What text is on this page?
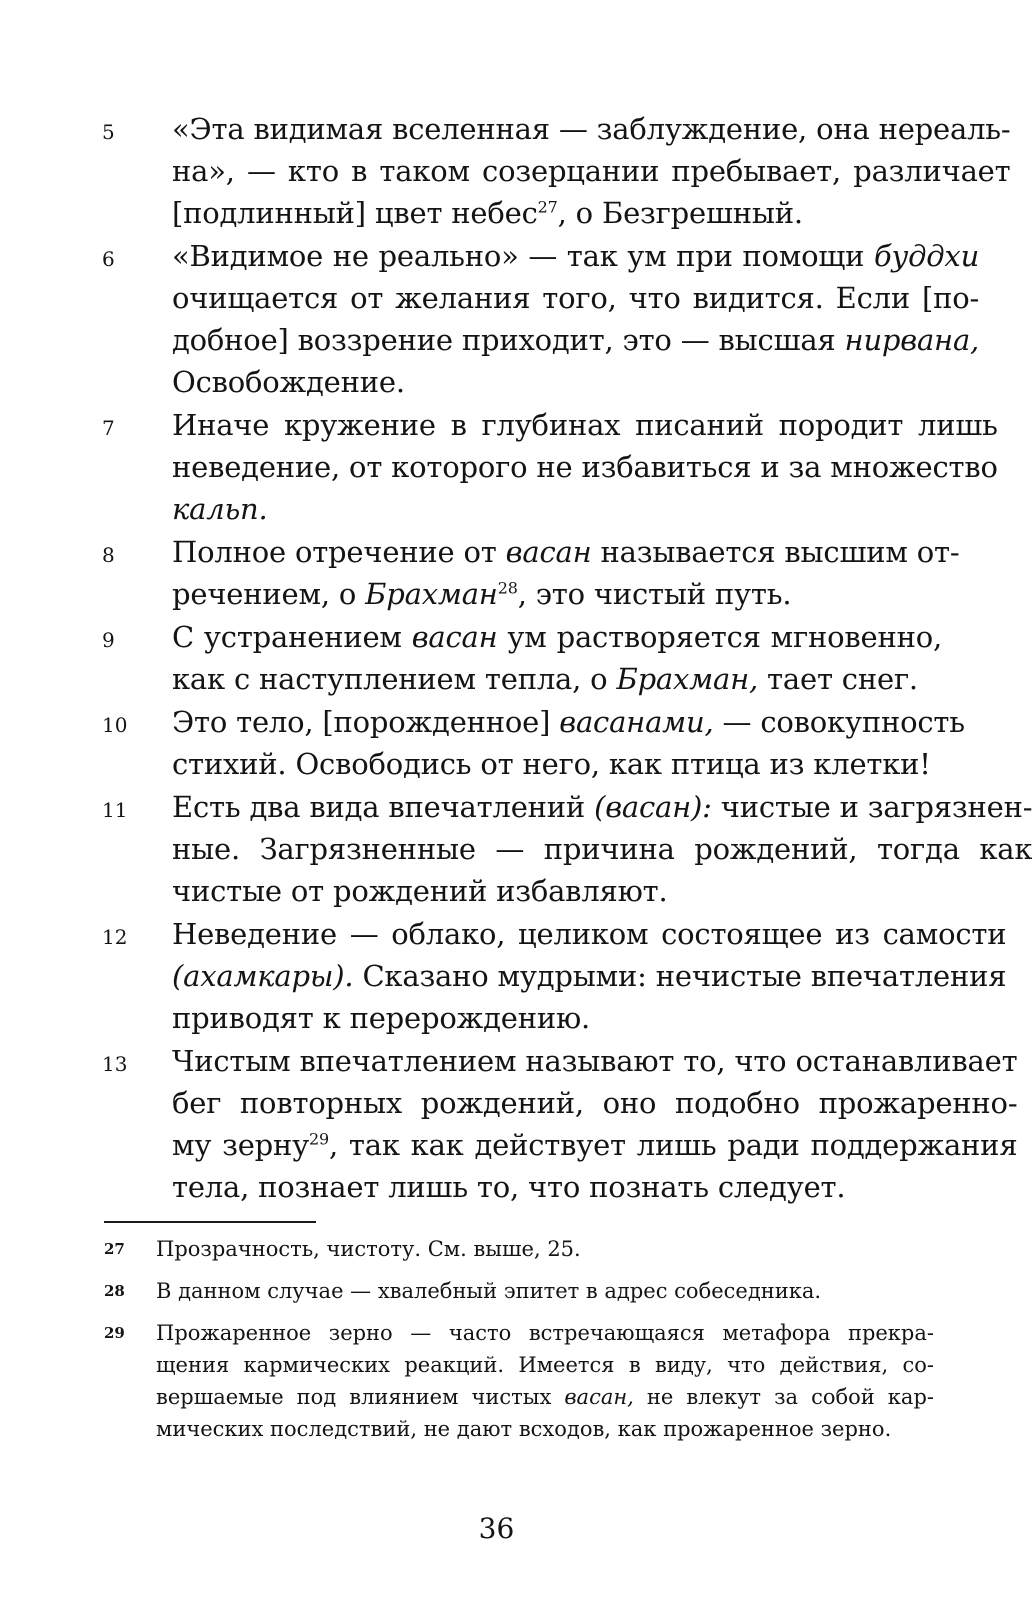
5	«Эта видимая вселенная — заблуждение, она нереаль-
на», — кто в таком созерцании пребывает, различает
[подлинный] цвет небес$^{27}$, о Безгрешный.
6	«Видимое не реально» — так ум при помощи буддхи
очищается от желания того, что видится. Если [по-
добное] воззрение приходит, это — высшая нирвана,
Освобождение.
7	Иначе кружение в глубинах писаний породит лишь
неведение, от которого не избавиться и за множество
кальп.
8	Полное отречение от васан называется высшим от-
речением, о Брахман$^{28}$, это чистый путь.
9	С устранением васан ум растворяется мгновенно,
как с наступлением тепла, о Брахман, тает снег.
10	Это тело, [порожденное] васанами, — совокупность
стихий. Освободись от него, как птица из клетки!
11	Есть два вида впечатлений (васан): чистые и загрязнен-
ные. Загрязненные — причина рождений, тогда как
чистые от рождений избавляют.
12	Неведение — облако, целиком состоящее из самости
(ахамкары). Сказано мудрыми: нечистые впечатления
приводят к перерождению.
13	Чистым впечатлением называют то, что останавливает
бег повторных рождений, оно подобно прожаренно-
му зерну$^{29}$, так как действует лишь ради поддержания
тела, познает лишь то, что познать следует.
27	Прозрачность, чистоту. См. выше, 25.
28	В данном случае — хвалебный эпитет в адрес собеседника.
29	Прожаренное зерно — часто встречающаяся метафора прекра-
щения кармических реакций. Имеется в виду, что действия, со-
вершаемые под влиянием чистых васан, не влекут за собой кар-
мических последствий, не дают всходов, как прожаренное зерно.
36
